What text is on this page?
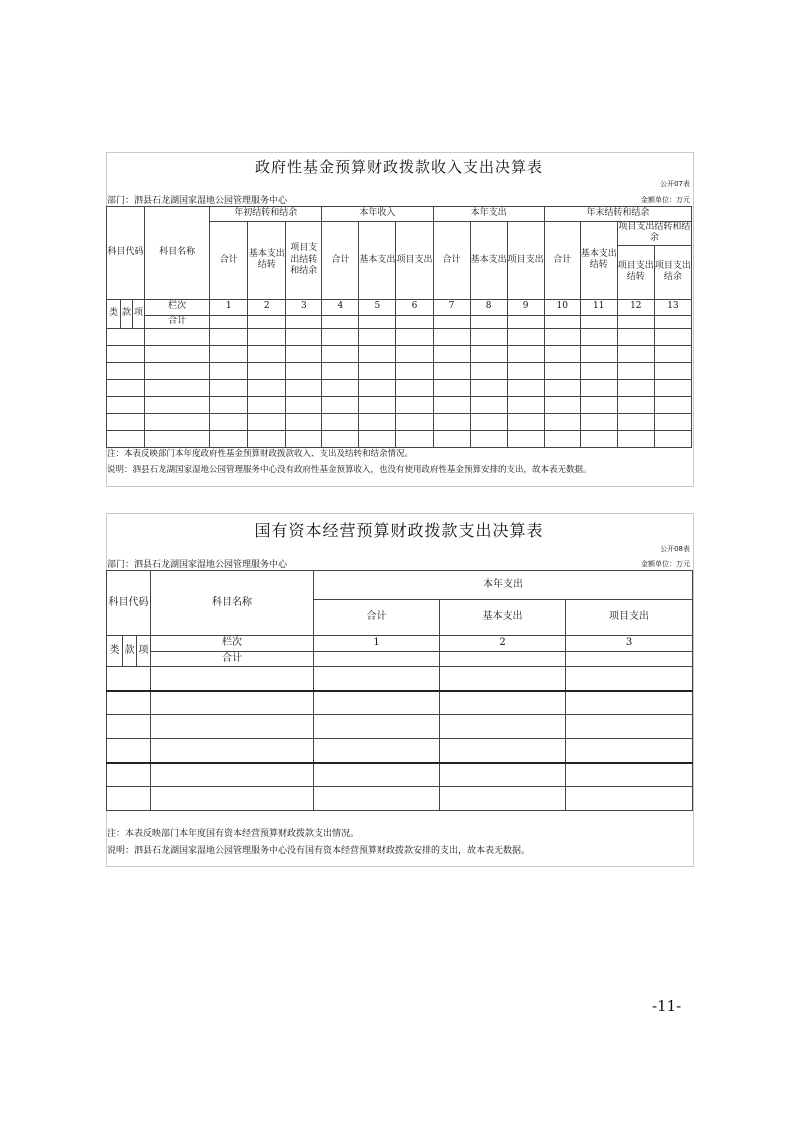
政府性基金预算财政拨款收入支出决算表
公开07表
部门：泗县石龙湖国家湿地公园管理服务中心	金额单位：万元
科目代码			科目名称	年初结转和结余			本年收入			本年支出			年末结转和结余			
				合计	基本支出结转	项目支出结转和结余	合计	基本支出	项目支出	合计	基本支出	项目支出	合计	基本支出结转	项目支出结转和结余	
															项目支出结转	项目支出结余
类	款	项	栏次	1	2	3	4	5	6	7	8	9	10	11	12	13
			合计													

注：本表反映部门本年度政府性基金预算财政拨款收入、支出及结转和结余情况。
说明：泗县石龙湖国家湿地公园管理服务中心没有政府性基金预算收入，也没有使用政府性基金预算安排的支出，故本表无数据。
国有资本经营预算财政拨款支出决算表
公开08表
部门：泗县石龙湖国家湿地公园管理服务中心	金额单位：万元
科目代码			科目名称	本年支出		
				合计	基本支出	项目支出
类	款	项	栏次	1	2	3
			合计			

注：本表反映部门本年度国有资本经营预算财政拨款支出情况。
说明：泗县石龙湖国家湿地公园管理服务中心没有国有资本经营预算财政拨款安排的支出，故本表无数据。
-11-
